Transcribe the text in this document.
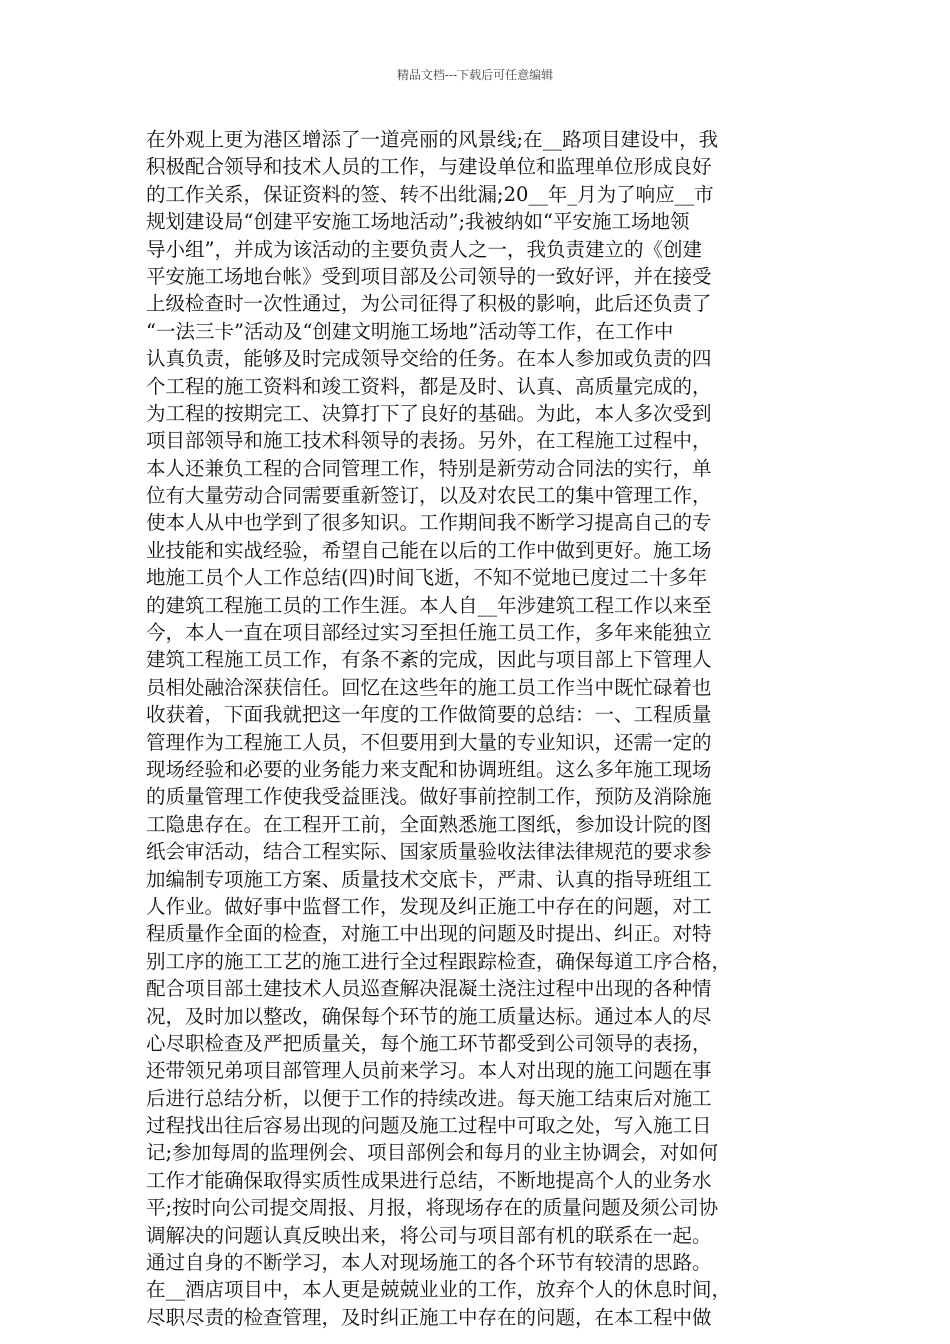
精品文档---下载后可任意编辑
在外观上更为港区增添了一道亮丽的风景线;在__路项目建设中，我
积极配合领导和技术人员的工作，与建设单位和监理单位形成良好
的工作关系，保证资料的签、转不出纰漏;20__年_月为了响应__市
规划建设局“创建平安施工场地活动”;我被纳如“平安施工场地领
导小组”，并成为该活动的主要负责人之一，我负责建立的《创建
平安施工场地台帐》受到项目部及公司领导的一致好评，并在接受
上级检查时一次性通过，为公司征得了积极的影响，此后还负责了
“一法三卡”活动及“创建文明施工场地”活动等工作，在工作中
认真负责，能够及时完成领导交给的任务。在本人参加或负责的四
个工程的施工资料和竣工资料，都是及时、认真、高质量完成的，
为工程的按期完工、决算打下了良好的基础。为此，本人多次受到
项目部领导和施工技术科领导的表扬。另外，在工程施工过程中，
本人还兼负工程的合同管理工作，特别是新劳动合同法的实行，单
位有大量劳动合同需要重新签订，以及对农民工的集中管理工作，
使本人从中也学到了很多知识。工作期间我不断学习提高自己的专
业技能和实战经验，希望自己能在以后的工作中做到更好。施工场
地施工员个人工作总结(四)时间飞逝，不知不觉地已度过二十多年
的建筑工程施工员的工作生涯。本人自__年涉建筑工程工作以来至
今，本人一直在项目部经过实习至担任施工员工作，多年来能独立
建筑工程施工员工作，有条不紊的完成，因此与项目部上下管理人
员相处融洽深获信任。回忆在这些年的施工员工作当中既忙碌着也
收获着，下面我就把这一年度的工作做简要的总结：一、工程质量
管理作为工程施工人员，不但要用到大量的专业知识，还需一定的
现场经验和必要的业务能力来支配和协调班组。这么多年施工现场
的质量管理工作使我受益匪浅。做好事前控制工作，预防及消除施
工隐患存在。在工程开工前，全面熟悉施工图纸，参加设计院的图
纸会审活动，结合工程实际、国家质量验收法律法律规范的要求参
加编制专项施工方案、质量技术交底卡，严肃、认真的指导班组工
人作业。做好事中监督工作，发现及纠正施工中存在的问题，对工
程质量作全面的检查，对施工中出现的问题及时提出、纠正。对特
别工序的施工工艺的施工进行全过程跟踪检查，确保每道工序合格，
配合项目部土建技术人员巡查解决混凝土浇注过程中出现的各种情
况，及时加以整改，确保每个环节的施工质量达标。通过本人的尽
心尽职检查及严把质量关，每个施工环节都受到公司领导的表扬，
还带领兄弟项目部管理人员前来学习。本人对出现的施工问题在事
后进行总结分析，以便于工作的持续改进。每天施工结束后对施工
过程找出往后容易出现的问题及施工过程中可取之处，写入施工日
记;参加每周的监理例会、项目部例会和每月的业主协调会，对如何
工作才能确保取得实质性成果进行总结，不断地提高个人的业务水
平;按时向公司提交周报、月报，将现场存在的质量问题及须公司协
调解决的问题认真反映出来，将公司与项目部有机的联系在一起。
通过自身的不断学习，本人对现场施工的各个环节有较清的思路。
在__酒店项目中，本人更是兢兢业业的工作，放弃个人的休息时间，
尽职尽责的检查管理，及时纠正施工中存在的问题，在本工程中做
